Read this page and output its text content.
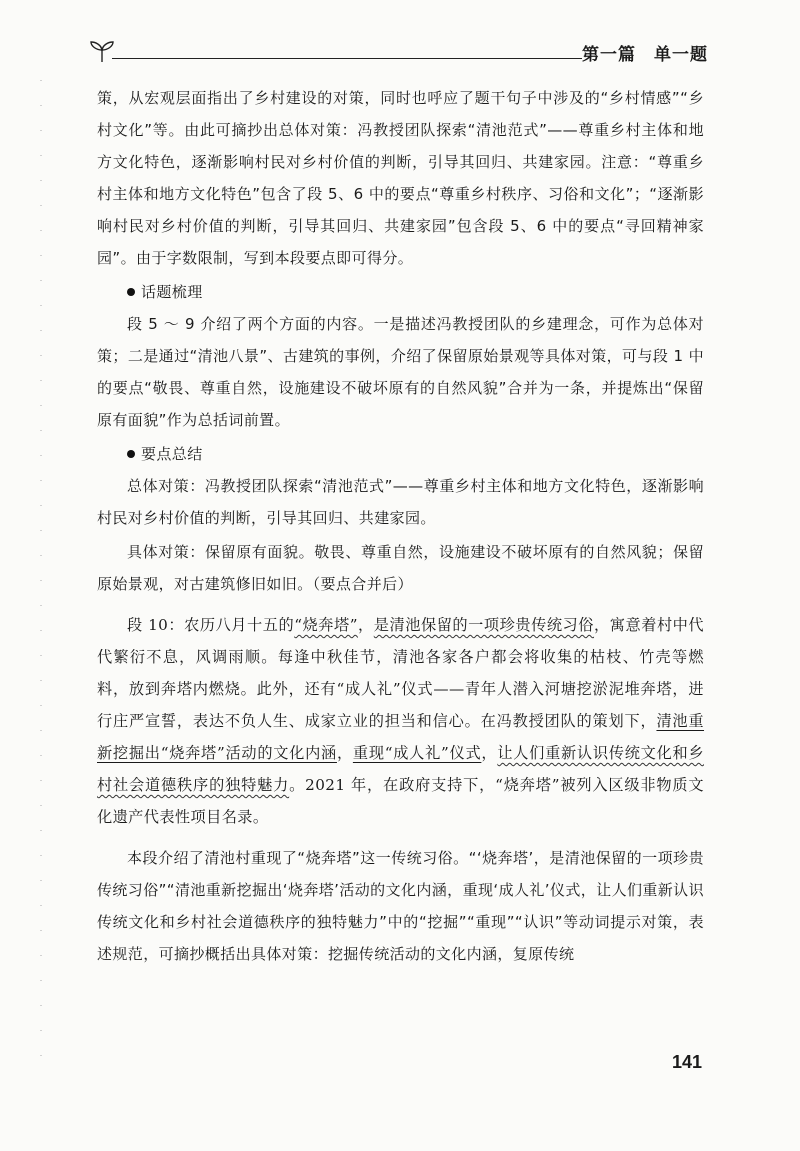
第一篇　单一题

策，从宏观层面指出了乡村建设的对策，同时也呼应了题干句子中涉及的“乡村情感”“乡村文化”等。由此可摘抄出总体对策：冯教授团队探索“清池范式”——尊重乡村主体和地方文化特色，逐渐影响村民对乡村价值的判断，引导其回归、共建家园。注意：“尊重乡村主体和地方文化特色”包含了段 5、6 中的要点“尊重乡村秩序、习俗和文化”；“逐渐影响村民对乡村价值的判断，引导其回归、共建家园”包含段 5、6 中的要点“寻回精神家园”。由于字数限制，写到本段要点即可得分。

话题梳理

段 5 ～ 9 介绍了两个方面的内容。一是描述冯教授团队的乡建理念，可作为总体对策；二是通过“清池八景”、古建筑的事例，介绍了保留原始景观等具体对策，可与段 1 中的要点“敬畏、尊重自然，设施建设不破坏原有的自然风貌”合并为一条，并提炼出“保留原有面貌”作为总括词前置。

要点总结

总体对策：冯教授团队探索“清池范式”——尊重乡村主体和地方文化特色，逐渐影响村民对乡村价值的判断，引导其回归、共建家园。

具体对策：保留原有面貌。敬畏、尊重自然，设施建设不破坏原有的自然风貌；保留原始景观，对古建筑修旧如旧。（要点合并后）

段 10：农历八月十五的“烧奔塔”，是清池保留的一项珍贵传统习俗，寓意着村中代代繁衍不息，风调雨顺。每逢中秋佳节，清池各家各户都会将收集的枯枝、竹壳等燃料，放到奔塔内燃烧。此外，还有“成人礼”仪式——青年人潜入河塘挖淤泥堆奔塔，进行庄严宣誓，表达不负人生、成家立业的担当和信心。在冯教授团队的策划下，清池重新挖掘出“烧奔塔”活动的文化内涵，重现“成人礼”仪式，让人们重新认识传统文化和乡村社会道德秩序的独特魅力。2021 年，在政府支持下，“烧奔塔”被列入区级非物质文化遗产代表性项目名录。

本段介绍了清池村重现了“烧奔塔”这一传统习俗。“‘烧奔塔’，是清池保留的一项珍贵传统习俗”“清池重新挖掘出‘烧奔塔’活动的文化内涵，重现‘成人礼’仪式，让人们重新认识传统文化和乡村社会道德秩序的独特魅力”中的“挖掘”“重现”“认识”等动词提示对策，表述规范，可摘抄概括出具体对策：挖掘传统活动的文化内涵，复原传统

141
